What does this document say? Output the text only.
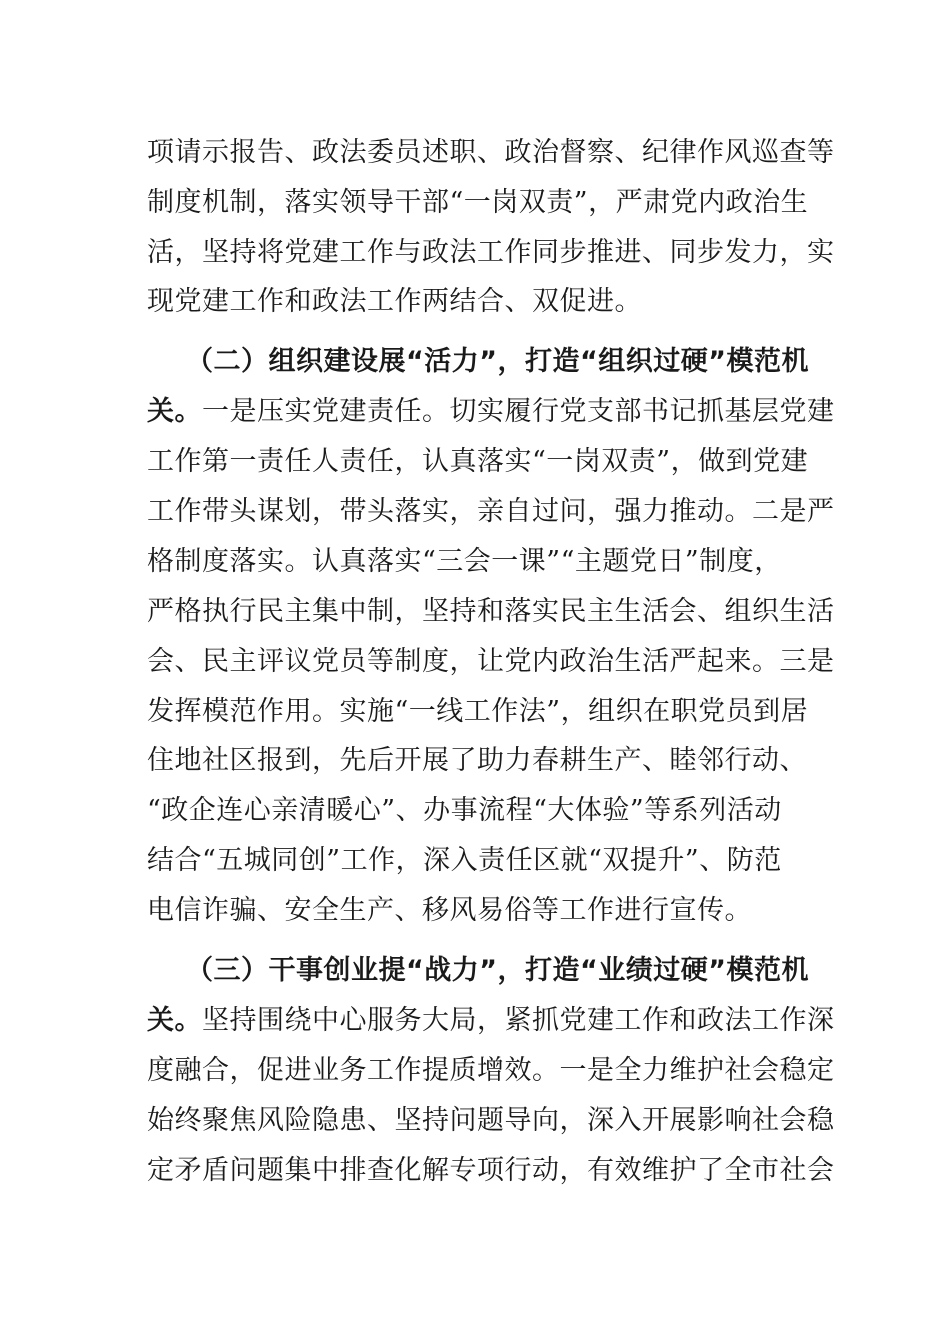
项请示报告、政法委员述职、政治督察、纪律作风巡查等
制度机制，落实领导干部“一岗双责”，严肃党内政治生
活，坚持将党建工作与政法工作同步推进、同步发力，实
现党建工作和政法工作两结合、双促进。
（二）组织建设展“活力”，打造“组织过硬”模范机
关。一是压实党建责任。切实履行党支部书记抓基层党建
工作第一责任人责任，认真落实“一岗双责”，做到党建
工作带头谋划，带头落实，亲自过问，强力推动。二是严
格制度落实。认真落实“三会一课”“主题党日”制度，
严格执行民主集中制，坚持和落实民主生活会、组织生活
会、民主评议党员等制度，让党内政治生活严起来。三是
发挥模范作用。实施“一线工作法”，组织在职党员到居
住地社区报到，先后开展了助力春耕生产、睦邻行动、
“政企连心亲清暖心”、办事流程“大体验”等系列活动
结合“五城同创”工作，深入责任区就“双提升”、防范
电信诈骗、安全生产、移风易俗等工作进行宣传。
（三）干事创业提“战力”，打造“业绩过硬”模范机
关。坚持围绕中心服务大局，紧抓党建工作和政法工作深
度融合，促进业务工作提质增效。一是全力维护社会稳定
始终聚焦风险隐患、坚持问题导向，深入开展影响社会稳
定矛盾问题集中排查化解专项行动，有效维护了全市社会
